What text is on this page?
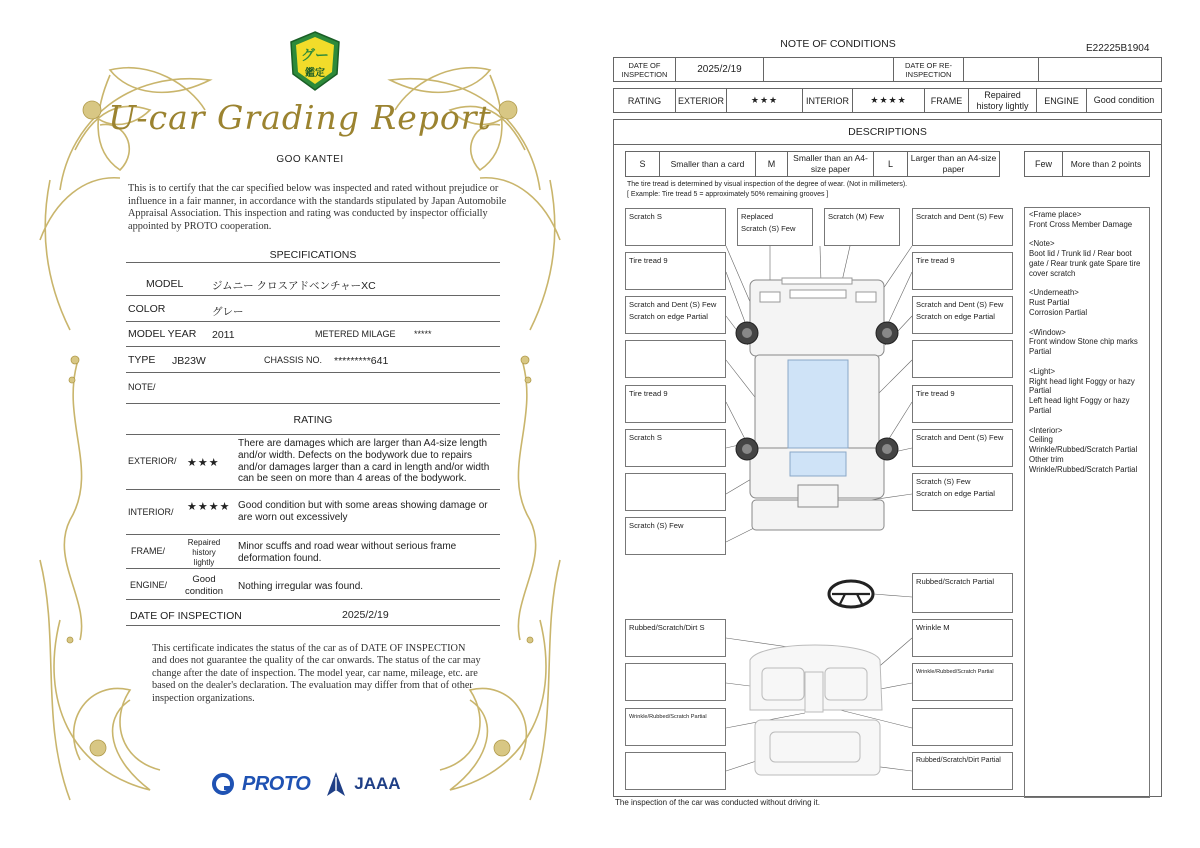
グー
鑑定
U-car Grading Report
GOO KANTEI
This is to certify that the car specified below was inspected and rated without prejudice or influence in a fair manner, in accordance with the standards stipulated by Japan Automobile Appraisal Association. This inspection and rating was conducted by inspector officially appointed by PROTO cooperation.
SPECIFICATIONS
MODEL	ジムニー クロスアドベンチャーXC
COLOR	グレー
MODEL YEAR 2011	METERED MILAGE *****
TYPE JB23W	CHASSIS NO. *********641
NOTE/
RATING
EXTERIOR/ ★★★
There are damages which are larger than A4-size length and/or width. Defects on the bodywork due to repairs and/or damages larger than a card in length and/or width can be seen on more than 4 areas of the bodywork.
INTERIOR/ ★★★★ Good condition but with some areas showing damage or are worn out excessively
FRAME/
Repaired history lightly
Minor scuffs and road wear without serious frame deformation found.
ENGINE/	Good condition	Nothing irregular was found.
DATE OF INSPECTION	2025/2/19
This certificate indicates the status of the car as of DATE OF INSPECTION and does not guarantee the quality of the car onwards. The status of the car may change after the date of inspection. The model year, car name, mileage, etc. are based on the dealer's declaration. The evaluation may differ from that of other inspection organizations.
PROTO	JAAA
NOTE OF CONDITIONS	E22225B1904
DATE OF INSPECTION	2025/2/19		DATE OF RE-INSPECTION		
RATING	EXTERIOR	★★★	INTERIOR	★★★★	FRAME	Repaired history lightly	ENGINE	Good condition
DESCRIPTIONS
S	Smaller than a card	M	Smaller than an A4-size paper	L	Larger than an A4-size paper	Few	More than 2 points
The tire tread is determined by visual inspection of the degree of wear. (Not in millimeters).
[ Example: Tire tread 5 = approximately 50% remaining grooves ]
Scratch S	Replaced
Scratch (S) Few
Scratch (M) Few	Scratch and Dent (S) Few
Tire tread 9	Tire tread 9
Scratch and Dent (S) Few
Scratch on edge Partial
Scratch and Dent (S) Few
Scratch on edge Partial
Tire tread 9	Tire tread 9
Scratch S	Scratch and Dent (S) Few
Scratch (S) Few
Scratch on edge Partial
Scratch (S) Few
Rubbed/Scratch Partial
Rubbed/Scratch/Dirt S	Wrinkle M
Wrinkle/Rubbed/Scratch Partial
Wrinkle/Rubbed/Scratch Partial
Rubbed/Scratch/Dirt Partial

<Frame place>
Front Cross Member Damage

<Note>
Boot lid / Trunk lid / Rear boot gate / Rear trunk gate Spare tire cover scratch

<Underneath>
Rust Partial
Corrosion Partial

<Window>
Front window Stone chip marks Partial

<Light>
Right head light Foggy or hazy Partial
Left head light Foggy or hazy Partial

<Interior>
Ceiling
Wrinkle/Rubbed/Scratch Partial
Other trim
Wrinkle/Rubbed/Scratch Partial

The inspection of the car was conducted without driving it.
